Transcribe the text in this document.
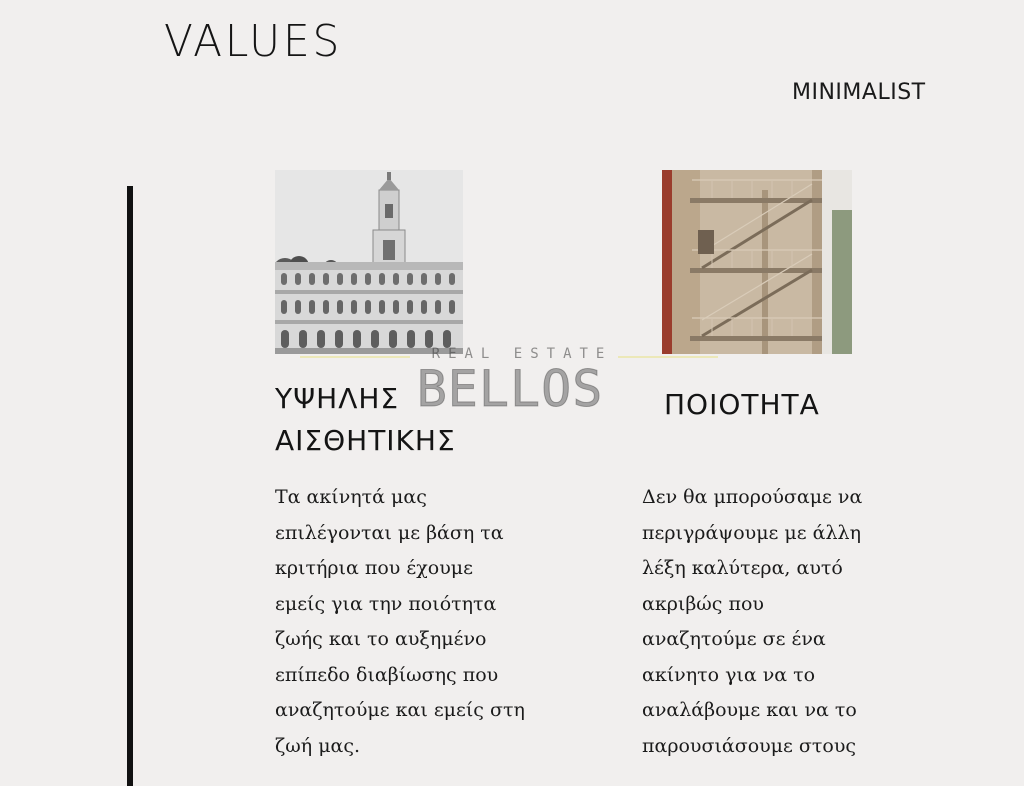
VALUES
MINIMALIST
ΥΨΗΛΗΣ
ΑΙΣΘΗΤΙΚΗΣ
ΠΟΙΟΤΗΤΑ
Τα ακίνητά μας
επιλέγονται με βάση τα
κριτήρια που έχουμε
εμείς για την ποιότητα
ζωής και το αυξημένο
επίπεδο διαβίωσης που
αναζητούμε και εμείς στη
ζωή μας.
Δεν θα μπορούσαμε να
περιγράψουμε με άλλη
λέξη καλύτερα, αυτό
ακριβώς που
αναζητούμε σε ένα
ακίνητο για να το
αναλάβουμε και να το
παρουσιάσουμε στους
REAL ESTATE
BELLOS
